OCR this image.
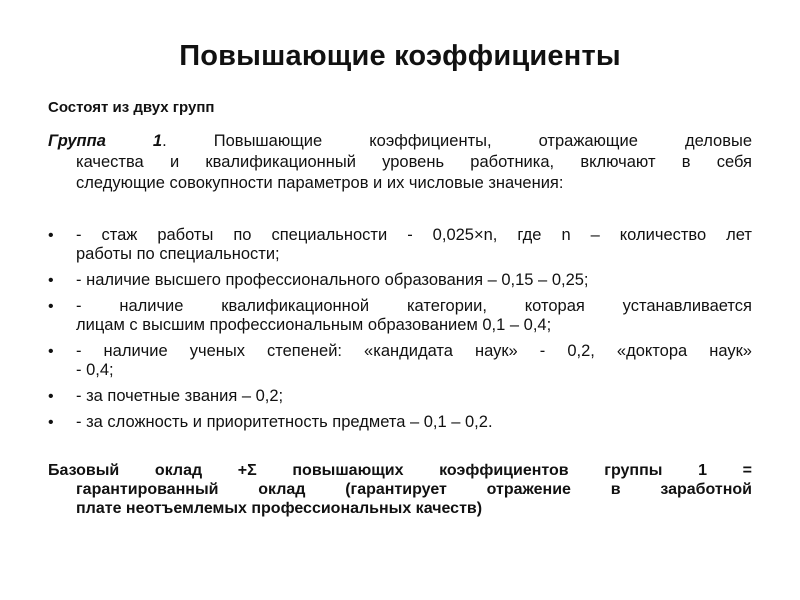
Повышающие коэффициенты
Состоят из двух групп
Группа 1. Повышающие коэффициенты, отражающие деловые
качества и квалификационный уровень работника, включают в себя
следующие совокупности параметров и их числовые значения:
• - стаж работы по специальности - 0,025×n, где n – количество лет
работы по специальности;
• - наличие высшего профессионального образования – 0,15 – 0,25;
• - наличие квалификационной категории, которая устанавливается
лицам с высшим профессиональным образованием 0,1 – 0,4;
• - наличие ученых степеней: «кандидата наук» - 0,2, «доктора наук»
- 0,4;
• - за почетные звания – 0,2;
• - за сложность и приоритетность предмета – 0,1 – 0,2.
Базовый оклад +Σ повышающих коэффициентов группы 1 =
гарантированный оклад (гарантирует отражение в заработной
плате неотъемлемых профессиональных качеств)
